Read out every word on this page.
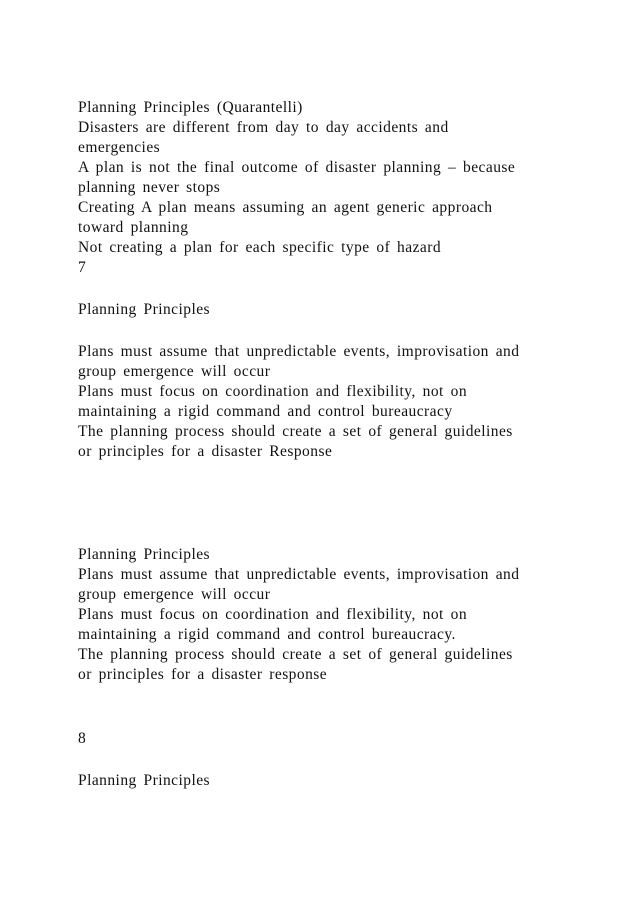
Planning Principles (Quarantelli)
Disasters are different from day to day accidents and
emergencies
A plan is not the final outcome of disaster planning – because
planning never stops
Creating A plan means assuming an agent generic approach
toward planning
Not creating a plan for each specific type of hazard
7
Planning Principles
Plans must assume that unpredictable events, improvisation and
group emergence will occur
Plans must focus on coordination and flexibility, not on
maintaining a rigid command and control bureaucracy
The planning process should create a set of general guidelines
or principles for a disaster Response
Planning Principles
Plans must assume that unpredictable events, improvisation and
group emergence will occur
Plans must focus on coordination and flexibility, not on
maintaining a rigid command and control bureaucracy.
The planning process should create a set of general guidelines
or principles for a disaster response
8
Planning Principles
